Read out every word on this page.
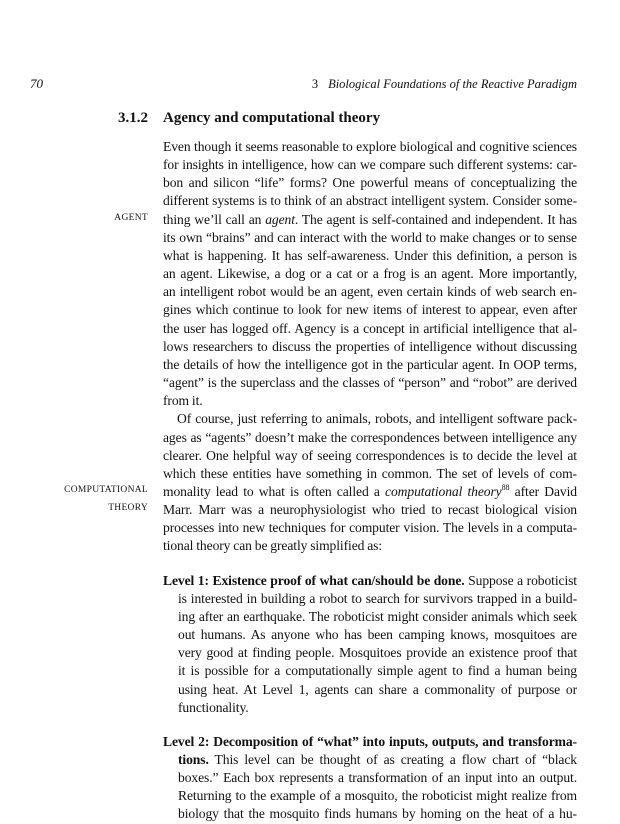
70	3 Biological Foundations of the Reactive Paradigm
3.1.2 Agency and computational theory
Even though it seems reasonable to explore biological and cognitive sciences
for insights in intelligence, how can we compare such different systems: car-
bon and silicon “life” forms? One powerful means of conceptualizing the
different systems is to think of an abstract intelligent system. Consider some-
AGENT thing we’ll call an agent. The agent is self-contained and independent. It has
its own “brains” and can interact with the world to make changes or to sense
what is happening. It has self-awareness. Under this definition, a person is
an agent. Likewise, a dog or a cat or a frog is an agent. More importantly,
an intelligent robot would be an agent, even certain kinds of web search en-
gines which continue to look for new items of interest to appear, even after
the user has logged off. Agency is a concept in artificial intelligence that al-
lows researchers to discuss the properties of intelligence without discussing
the details of how the intelligence got in the particular agent. In OOP terms,
“agent” is the superclass and the classes of “person” and “robot” are derived
from it.
Of course, just referring to animals, robots, and intelligent software pack-
ages as “agents” doesn’t make the correspondences between intelligence any
clearer. One helpful way of seeing correspondences is to decide the level at
which these entities have something in common. The set of levels of com-
COMPUTATIONAL monality lead to what is often called a computational theory$^{88}$ after David
THEORY Marr. Marr was a neurophysiologist who tried to recast biological vision
processes into new techniques for computer vision. The levels in a computa-
tional theory can be greatly simplified as:
Level 1: Existence proof of what can/should be done. Suppose a roboticist
is interested in building a robot to search for survivors trapped in a build-
ing after an earthquake. The roboticist might consider animals which seek
out humans. As anyone who has been camping knows, mosquitoes are
very good at finding people. Mosquitoes provide an existence proof that
it is possible for a computationally simple agent to find a human being
using heat. At Level 1, agents can share a commonality of purpose or
functionality.
Level 2: Decomposition of “what” into inputs, outputs, and transforma-
tions. This level can be thought of as creating a flow chart of “black
boxes.” Each box represents a transformation of an input into an output.
Returning to the example of a mosquito, the roboticist might realize from
biology that the mosquito finds humans by homing on the heat of a hu-
